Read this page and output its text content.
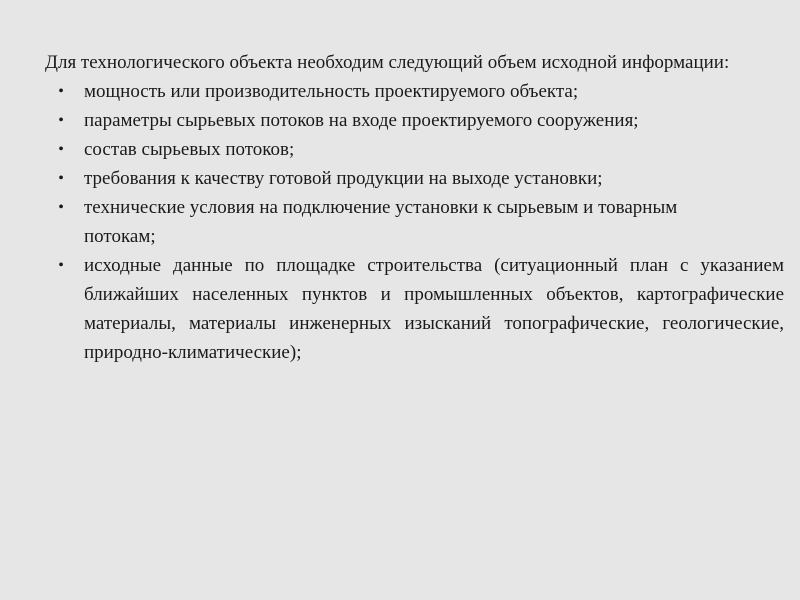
Для технологического объекта необходим следующий объем исходной информации:

• мощность или производительность проектируемого объекта;
• параметры сырьевых потоков на входе проектируемого сооружения;
• состав сырьевых потоков;
• требования к качеству готовой продукции на выходе установки;
• технические условия на подключение установки к сырьевым и товарным потокам;
• исходные данные по площадке строительства (ситуационный план с указанием ближайших населенных пунктов и промышленных объектов, картографические материалы, материалы инженерных изысканий топографические, геологические, природно-климатические);
